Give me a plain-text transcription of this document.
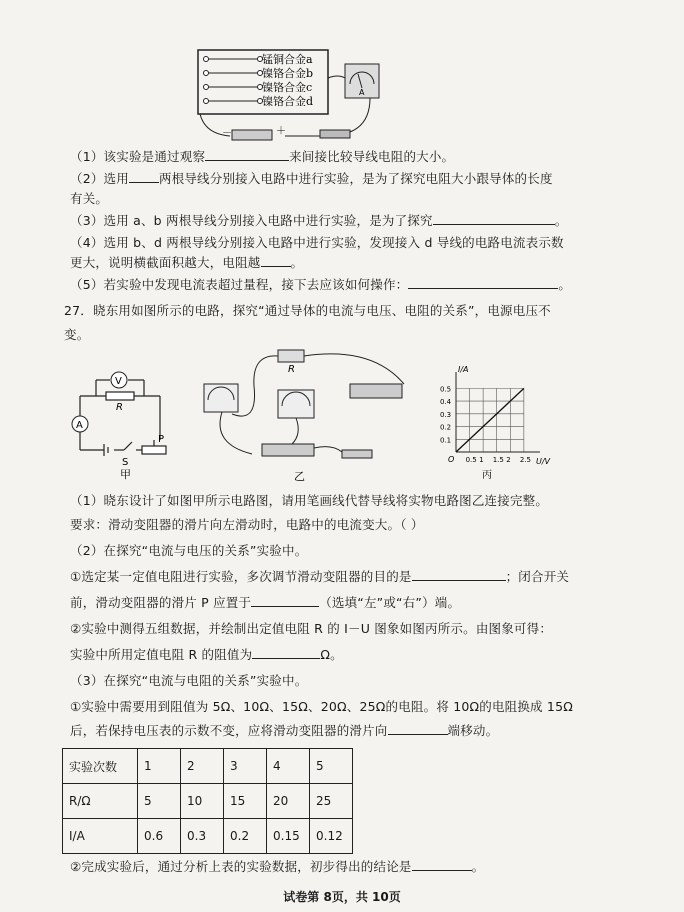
锰铜合金a
镍铬合金b
镍铬合金c
镍铬合金d
A
－	＋
（1）该实验是通过观察	来间接比较导线电阻的大小。
（2）选用 两根导线分别接入电路中进行实验，是为了探究电阻大小跟导体的长度
有关。
（3）选用 a、b 两根导线分别接入电路中进行实验，是为了探究	。
（4）选用 b、d 两根导线分别接入电路中进行实验，发现接入 d 导线的电路电流表示数
更大，说明横截面积越大，电阻越 。
（5）若实验中发现电流表超过量程，接下去应该如何操作：	。
27．晓东用如图所示的电路，探究“通过导体的电流与电压、电阻的关系”，电源电压不
变。
V
A
R
S
P
甲
R
乙
0.5 1 1.5 2 2.5
0.1
0.2
0.3
0.4
0.5
U/V
I/A
O
丙
（1）晓东设计了如图甲所示电路图，请用笔画线代替导线将实物电路图乙连接完整。
要求：滑动变阻器的滑片向左滑动时，电路中的电流变大。（ ）
（2）在探究“电流与电压的关系”实验中。
①选定某一定值电阻进行实验，多次调节滑动变阻器的目的是	；闭合开关
前，滑动变阻器的滑片 P 应置于	（选填“左”或“右”）端。
②实验中测得五组数据，并绘制出定值电阻 R 的 I－U 图象如图丙所示。由图象可得：
实验中所用定值电阻 R 的阻值为	Ω。
（3）在探究“电流与电阻的关系”实验中。
①实验中需要用到阻值为 5Ω、10Ω、15Ω、20Ω、25Ω的电阻。将 10Ω的电阻换成 15Ω
后，若保持电压表的示数不变，应将滑动变阻器的滑片向	端移动。
实验次数	1	2	3	4	5
R/Ω	5	10	15	20	25
I/A	0.6	0.3	0.2	0.15	0.12
②完成实验后，通过分析上表的实验数据，初步得出的结论是	。
试卷第 8页，共 10页
